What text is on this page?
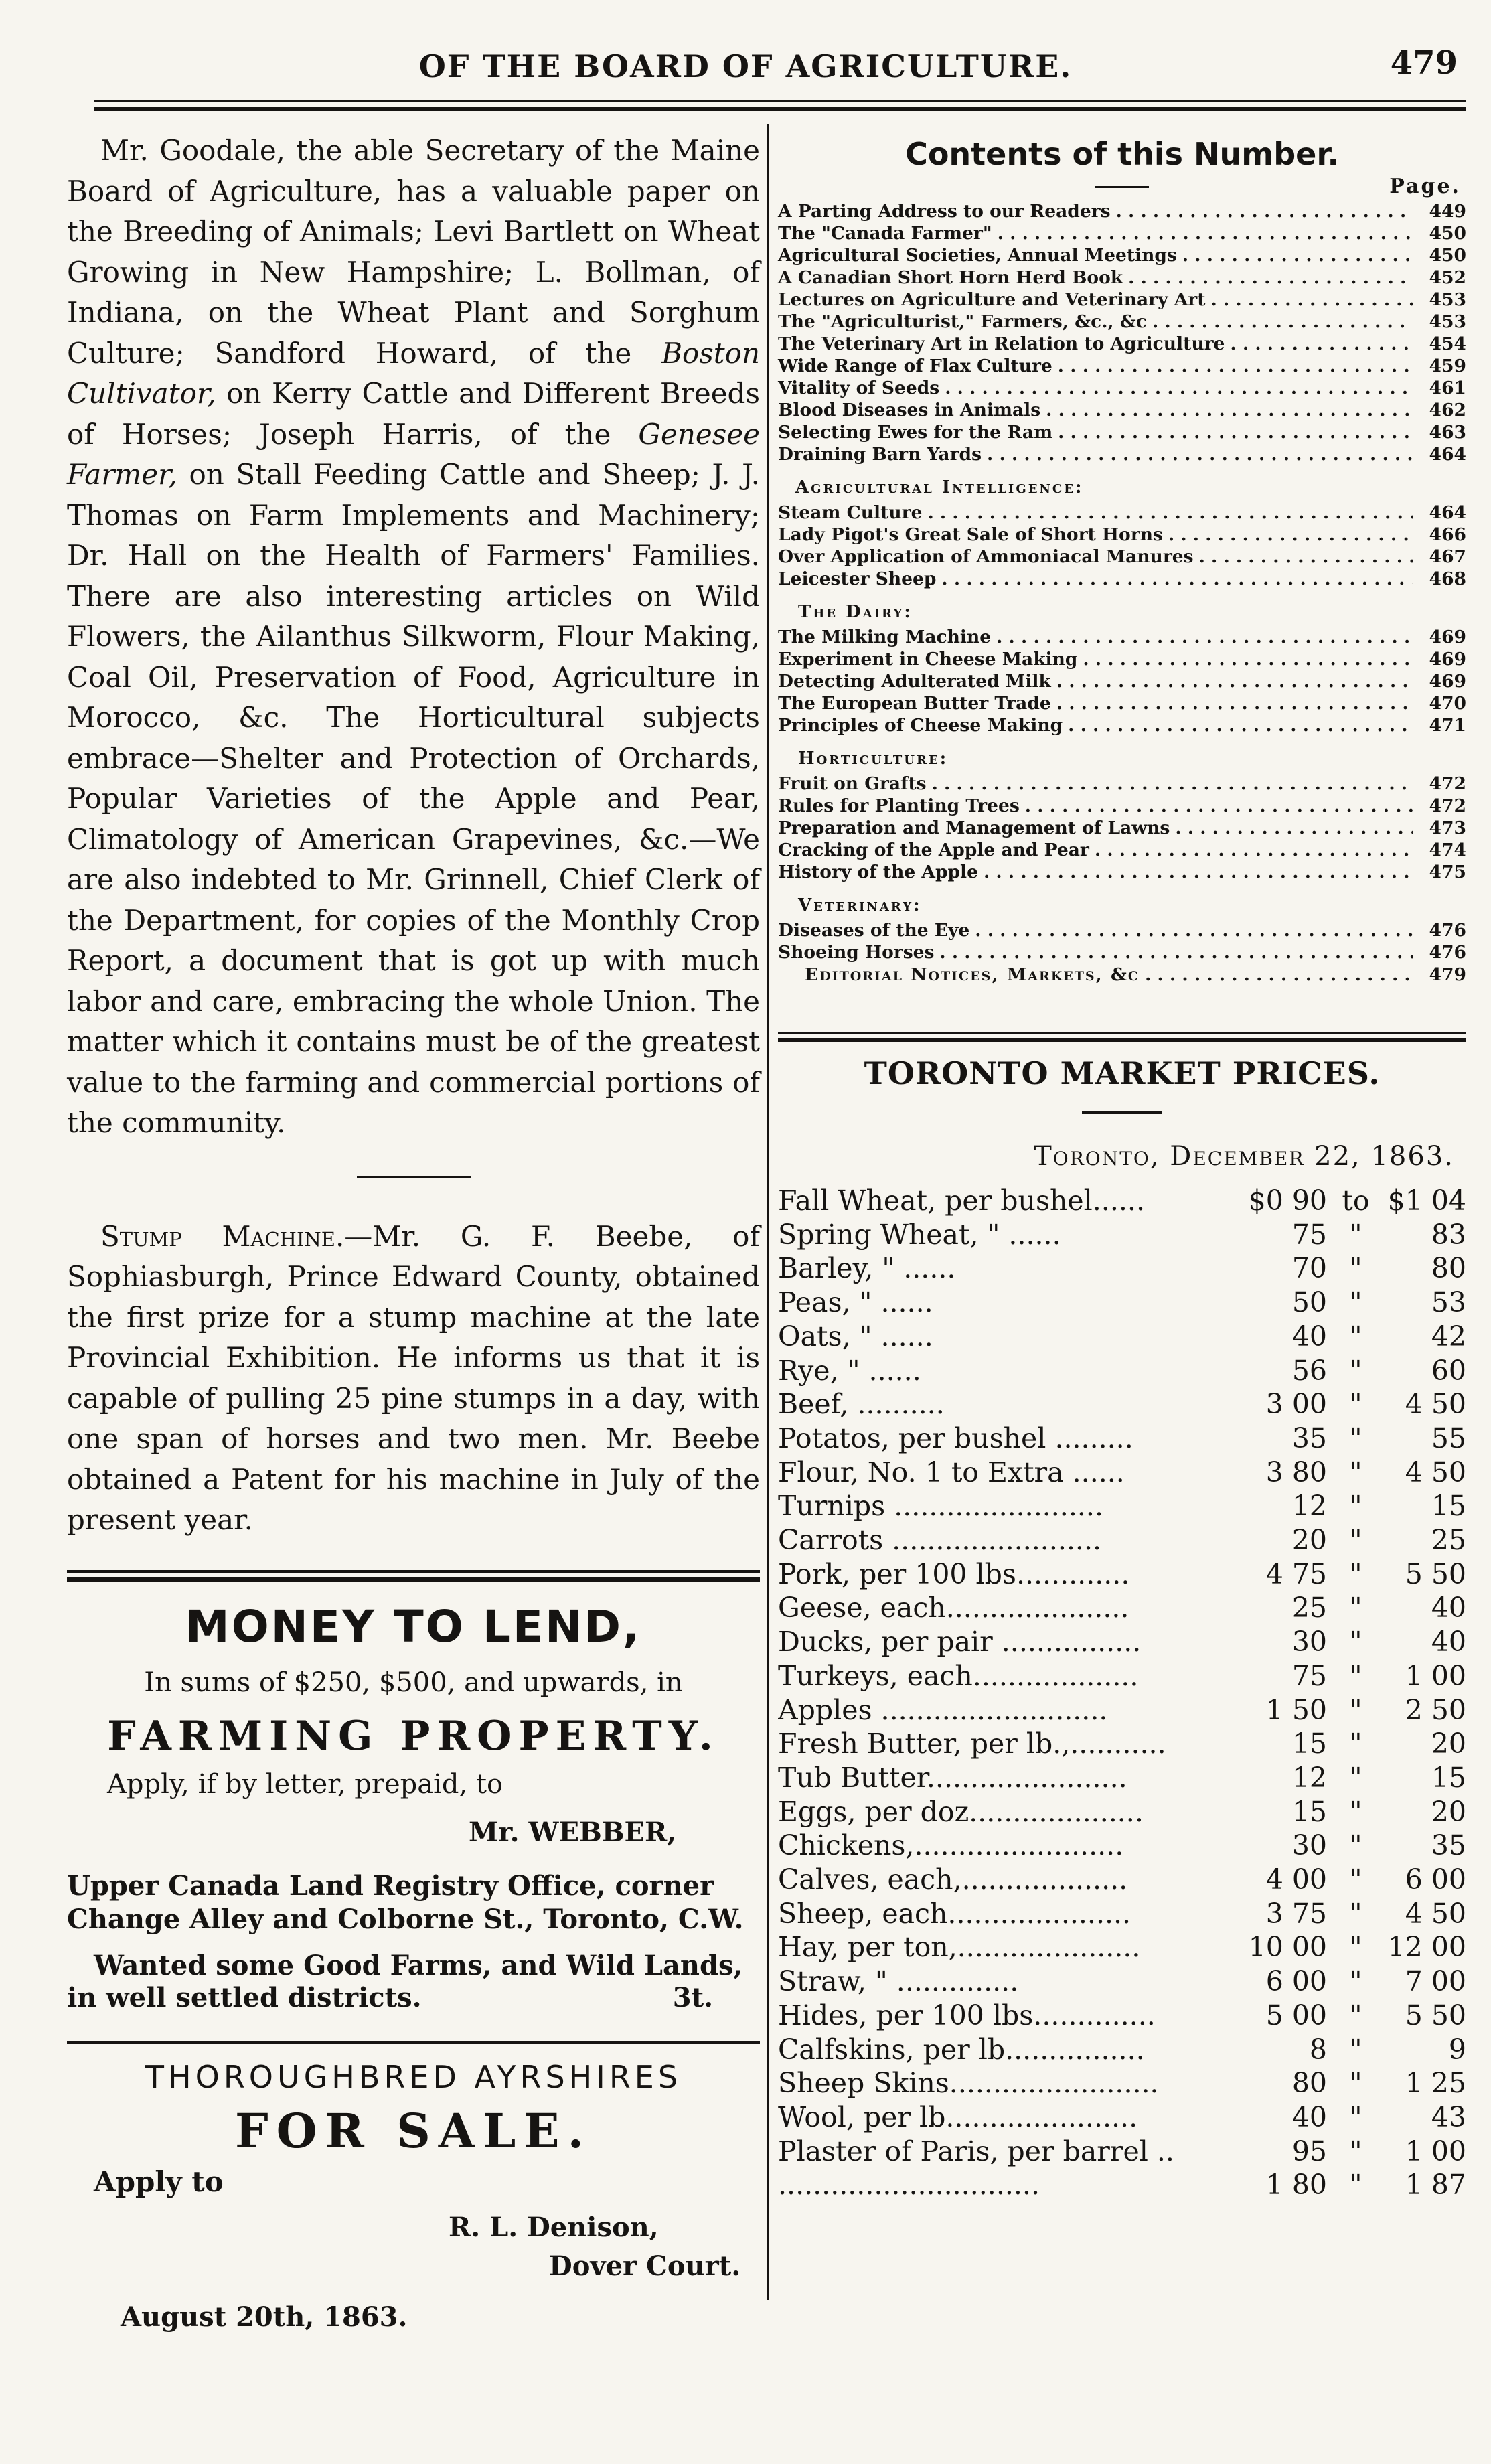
OF THE BOARD OF AGRICULTURE.	479

Mr. Goodale, the able Secretary of the Maine Board of Agriculture, has a valuable paper on the Breeding of Animals; Levi Bartlett on Wheat Growing in New Hampshire; L. Bollman, of Indiana, on the Wheat Plant and Sorghum Culture; Sandford Howard, of the Boston Cultivator, on Kerry Cattle and Different Breeds of Horses; Joseph Harris, of the Genesee Farmer, on Stall Feeding Cattle and Sheep; J. J. Thomas on Farm Implements and Machinery; Dr. Hall on the Health of Farmers' Families. There are also interesting articles on Wild Flowers, the Ailanthus Silkworm, Flour Making, Coal Oil, Preservation of Food, Agriculture in Morocco, &c. The Horticultural subjects embrace—Shelter and Protection of Orchards, Popular Varieties of the Apple and Pear, Climatology of American Grapevines, &c.—We are also indebted to Mr. Grinnell, Chief Clerk of the Department, for copies of the Monthly Crop Report, a document that is got up with much labor and care, embracing the whole Union. The matter which it contains must be of the greatest value to the farming and commercial portions of the community.

Stump Machine.—Mr. G. F. Beebe, of Sophiasburgh, Prince Edward County, obtained the first prize for a stump machine at the late Provincial Exhibition. He informs us that it is capable of pulling 25 pine stumps in a day, with one span of horses and two men. Mr. Beebe obtained a Patent for his machine in July of the present year.

MONEY TO LEND,

In sums of $250, $500, and upwards, in

FARMING PROPERTY.

Apply, if by letter, prepaid, to

Mr. WEBBER,

Upper Canada Land Registry Office, corner

Change Alley and Colborne St., Toronto, C.W.

Wanted some Good Farms, and Wild Lands,

in well settled districts.	3t.

THOROUGHBRED AYRSHIRES
FOR SALE.

Apply to

R. L. Denison,

Dover Court.

August 20th, 1863.

Contents of this Number.
Page.
A Parting Address to our Readers . . .	449
The "Canada Farmer" . . .	450
Agricultural Societies, Annual Meetings . . .	450
A Canadian Short Horn Herd Book . . .	452
Lectures on Agriculture and Veterinary Art . . .	453
The "Agriculturist," Farmers, &c., &c . . .	453
The Veterinary Art in Relation to Agriculture . . .	454
Wide Range of Flax Culture . . .	459
Vitality of Seeds . . .	461
Blood Diseases in Animals . . .	462
Selecting Ewes for the Ram . . .	463
Draining Barn Yards . . .	464
Agricultural Intelligence:
Steam Culture . . .	464
Lady Pigot's Great Sale of Short Horns . . .	466
Over Application of Ammoniacal Manures . . .	467
Leicester Sheep . . .	468
The Dairy:
The Milking Machine . . .	469
Experiment in Cheese Making . . .	469
Detecting Adulterated Milk . . .	469
The European Butter Trade . . .	470
Principles of Cheese Making . . .	471
Horticulture:
Fruit on Grafts . . .	472
Rules for Planting Trees . . .	472
Preparation and Management of Lawns . . .	473
Cracking of the Apple and Pear . . .	474
History of the Apple . . .	475
Veterinary:
Diseases of the Eye . . .	476
Shoeing Horses . . .	476
Editorial Notices, Markets, &c . . .	479
TORONTO MARKET PRICES.
Toronto, December 22, 1863.
Fall Wheat, per bushel......	$0 90 to $1 04
Spring Wheat, " ......	75 "	83
Barley, " ......	70 "	80
Peas, " ......	50 "	53
Oats, " ......	40 "	42
Rye, " ......	56 "	60
Beef, ..........	3 00 "	4 50
Potatos, per bushel .........	35 "	55
Flour, No. 1 to Extra ......	3 80 "	4 50
Turnips ........................	12 "	15
Carrots ........................	20 "	25
Pork, per 100 lbs.............	4 75 "	5 50
Geese, each.....................	25 "	40
Ducks, per pair ................	30 "	40
Turkeys, each...................	75 "	1 00
Apples ..........................	1 50 "	2 50
Fresh Butter, per lb.,...........	15 "	20
Tub Butter.......................	12 "	15
Eggs, per doz....................	15 "	20
Chickens,........................	30 "	35
Calves, each,...................	4 00 "	6 00
Sheep, each.....................	3 75 "	4 50
Hay, per ton,.....................	10 00 " 12 00
Straw, " ..............	6 00 "	7 00
Hides, per 100 lbs..............	5 00 "	5 50
Calfskins, per lb................	8 "	9
Sheep Skins........................	80 "	1 25
Wool, per lb......................	40 "	43
Plaster of Paris, per barrel ..	95 "	1 00
..............................	1 80 "	1 87
